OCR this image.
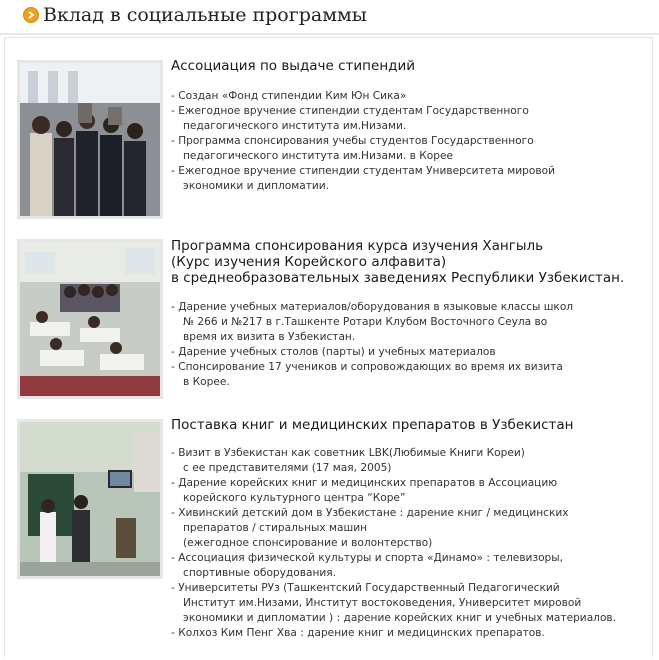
Вклад в социальные программы
Ассоциация по выдаче стипендий
- Создан «Фонд стипендии Ким Юн Сика»
- Ежегодное вручение стипендии студентам Государственного
педагогического института им.Низами.
- Программа спонсирования учебы студентов Государственного
педагогического института им.Низами. в Корее
- Ежегодное вручение стипендии студентам Университета мировой
экономики и дипломатии.
Программа спонсирования курса изучения Хангыль
(Курс изучения Корейского алфавита)
в среднеобразовательных заведениях Республики Узбекистан.
- Дарение учебных материалов/оборудования в языковые классы школ
№ 266 и №217 в г.Ташкенте Ротари Клубом Восточного Сеула во
время их визита в Узбекистан.
- Дарение учебных столов (парты) и учебных материалов
- Спонсирование 17 учеников и сопровождающих во время их визита
в Корее.
Поставка книг и медицинских препаратов в Узбекистан
- Визит в Узбекистан как советник LBK(Любимые Книги Кореи)
с ее представителями (17 мая, 2005)
- Дарение корейских книг и медицинских препаратов в Ассоциацию
корейского культурного центра “Коре”
- Хивинский детский дом в Узбекистане : дарение книг / медицинских
препаратов / стиральных машин
(ежегодное спонсирование и волонтерство)
- Ассоциация физической культуры и спорта «Динамо» : телевизоры,
спортивные оборудования.
- Университеты РУз (Ташкентский Государственный Педагогический
Институт им.Низами, Институт востоковедения, Университет мировой
экономики и дипломатии ) : дарение корейских книг и учебных материалов.
- Колхоз Ким Пенг Хва : дарение книг и медицинских препаратов.
